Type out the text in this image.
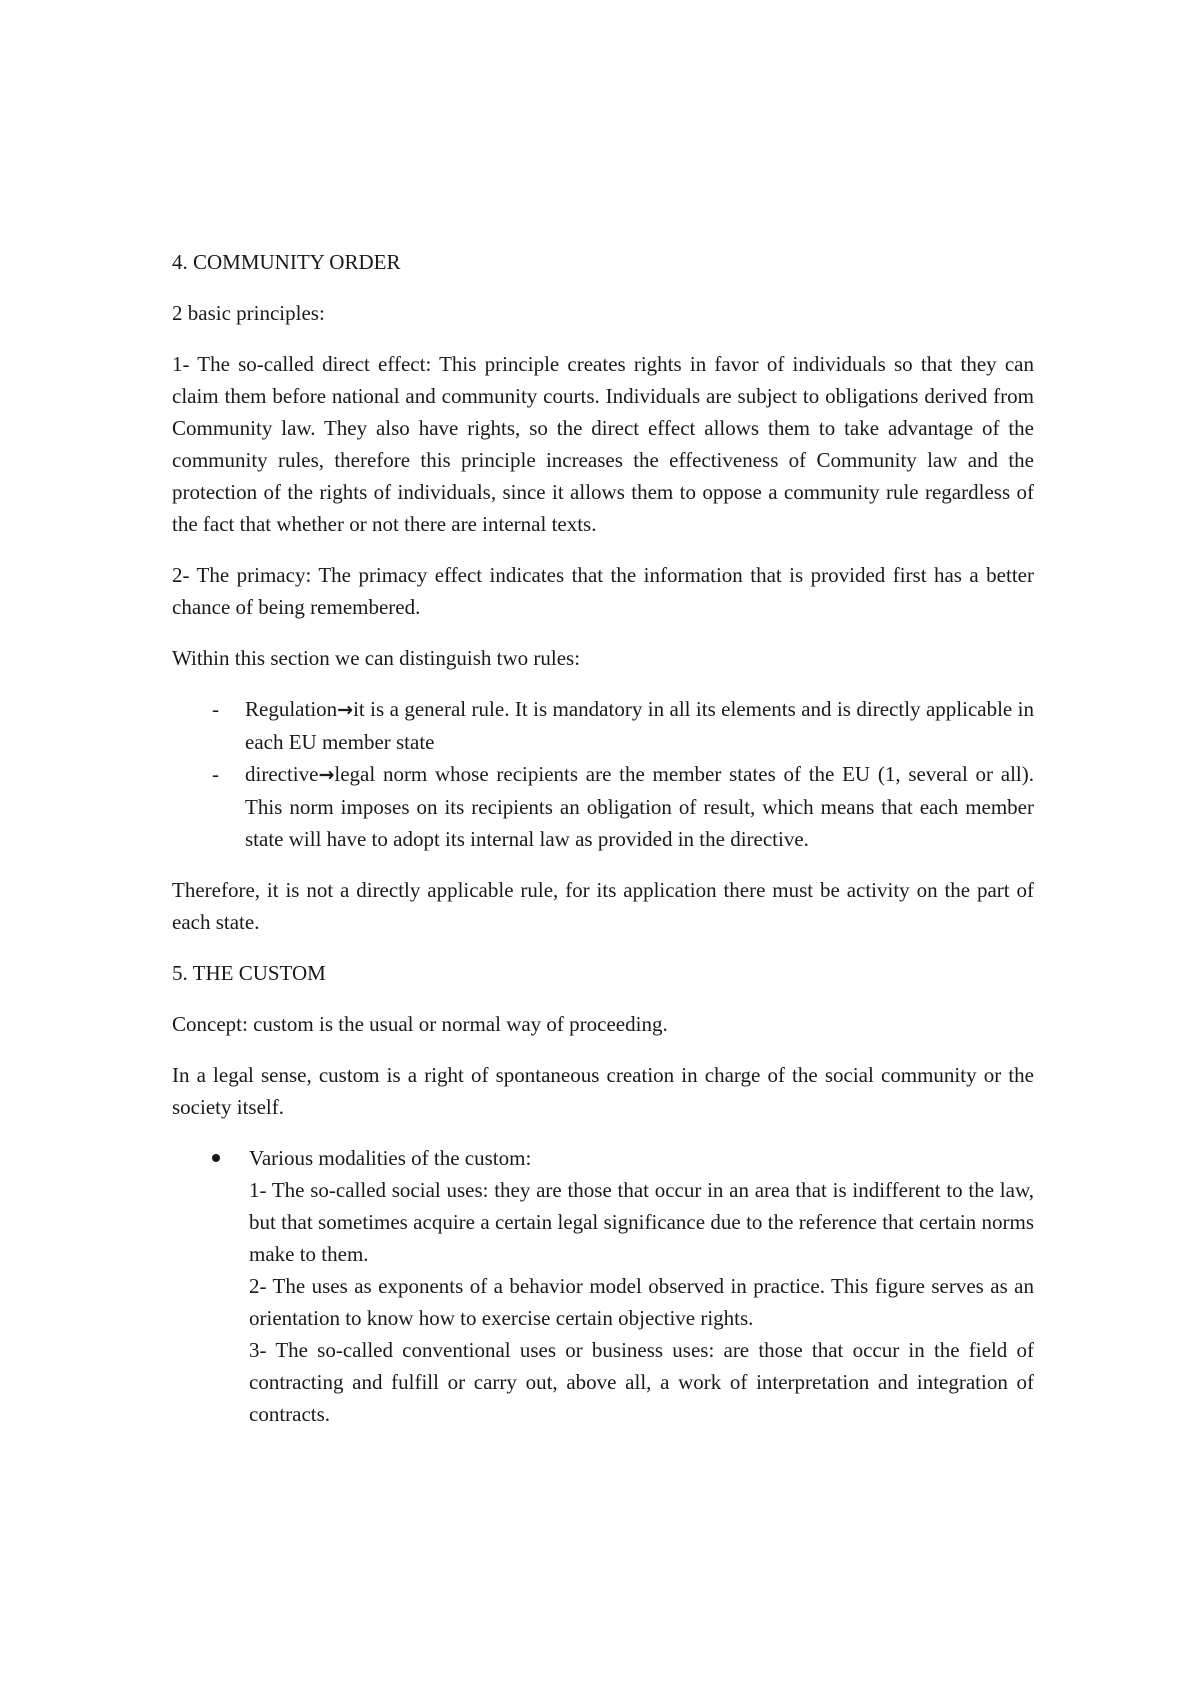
4. COMMUNITY ORDER

2 basic principles:

1- The so-called direct effect: This principle creates rights in favor of individuals so that they can claim them before national and community courts. Individuals are subject to obligations derived from Community law. They also have rights, so the direct effect allows them to take advantage of the community rules, therefore this principle increases the effectiveness of Community law and the protection of the rights of individuals, since it allows them to oppose a community rule regardless of the fact that whether or not there are internal texts.

2- The primacy: The primacy effect indicates that the information that is provided first has a better chance of being remembered.

Within this section we can distinguish two rules:

- Regulation→it is a general rule. It is mandatory in all its elements and is directly applicable in each EU member state
- directive→legal norm whose recipients are the member states of the EU (1, several or all). This norm imposes on its recipients an obligation of result, which means that each member state will have to adopt its internal law as provided in the directive.

Therefore, it is not a directly applicable rule, for its application there must be activity on the part of each state.

5. THE CUSTOM

Concept: custom is the usual or normal way of proceeding.

In a legal sense, custom is a right of spontaneous creation in charge of the social community or the society itself.

Various modalities of the custom:
1- The so-called social uses: they are those that occur in an area that is indifferent to the law, but that sometimes acquire a certain legal significance due to the reference that certain norms make to them.
2- The uses as exponents of a behavior model observed in practice. This figure serves as an orientation to know how to exercise certain objective rights.
3- The so-called conventional uses or business uses: are those that occur in the field of contracting and fulfill or carry out, above all, a work of interpretation and integration of contracts.
